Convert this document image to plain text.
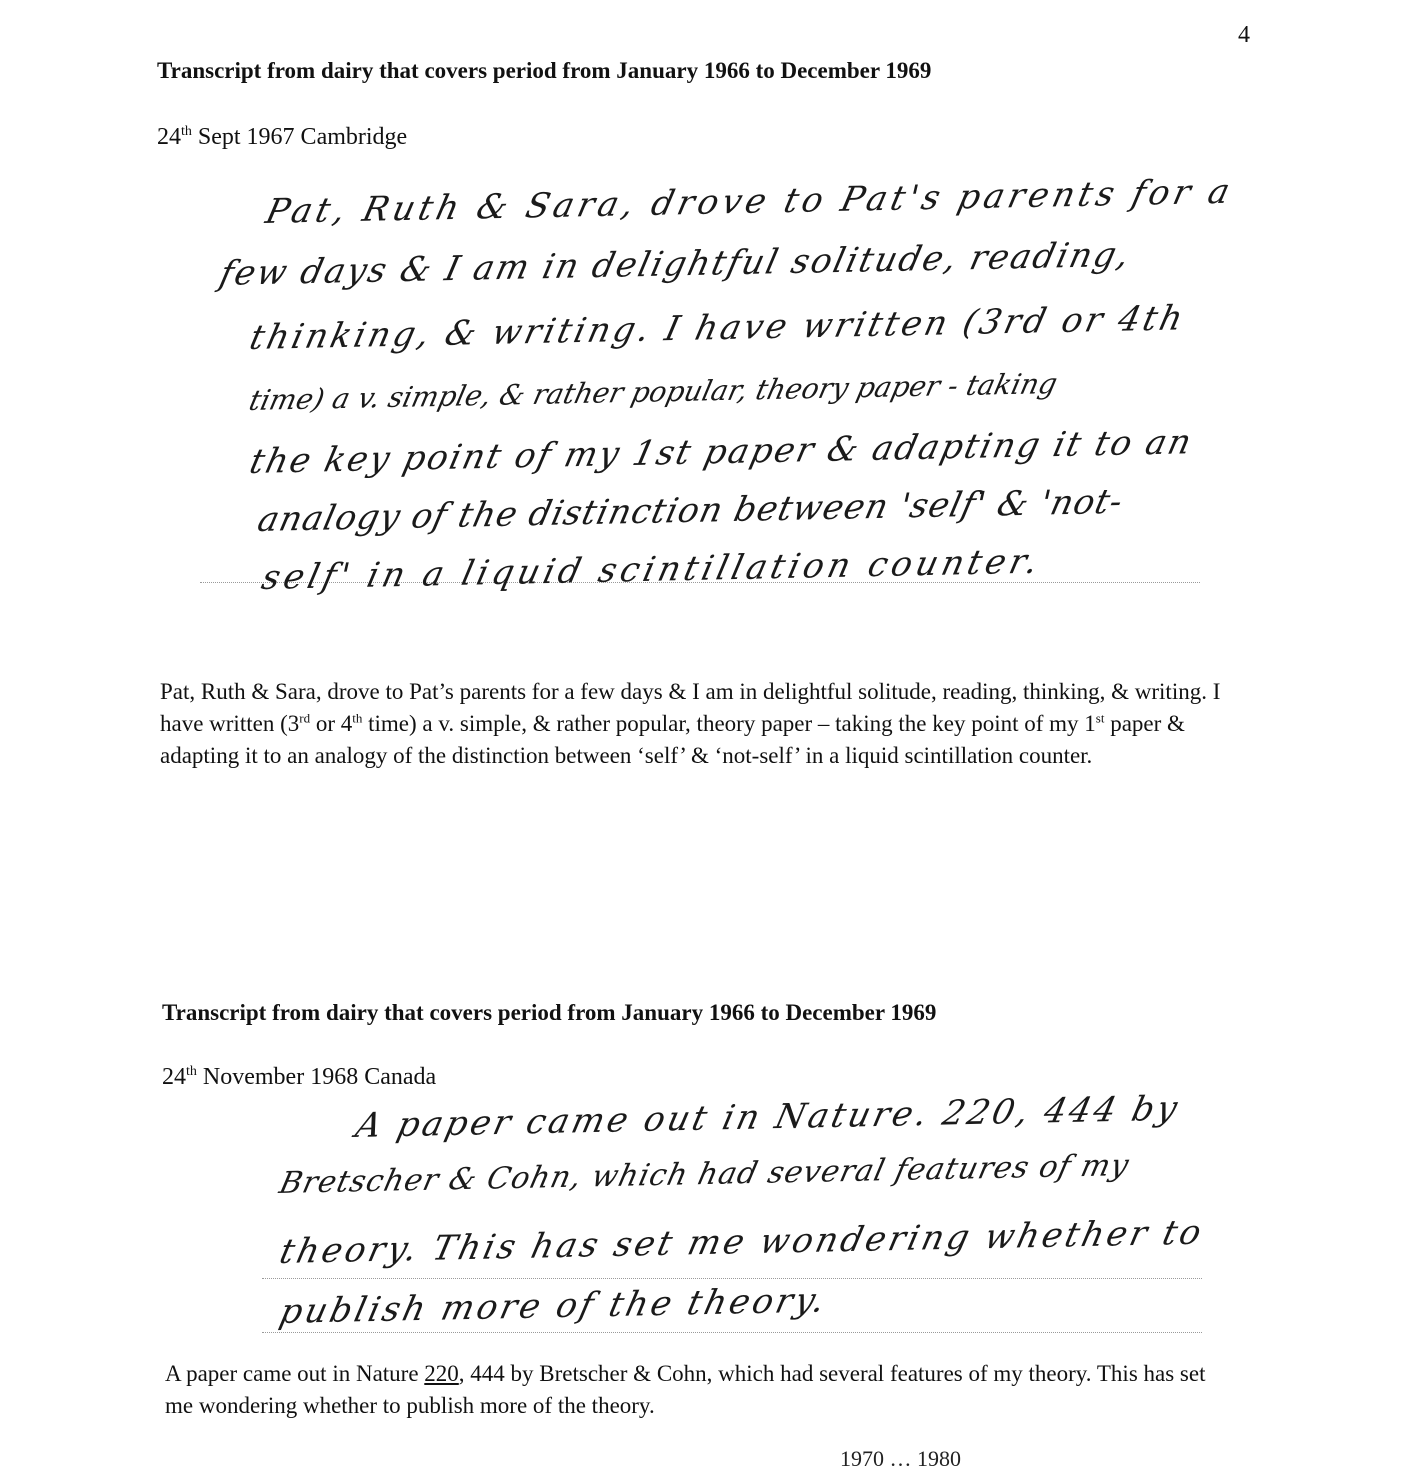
4
Transcript from dairy that covers period from January 1966 to December 1969
24th Sept 1967 Cambridge
Pat, Ruth & Sara, drove to Pat's parents for a
few days & I am in delightful solitude, reading,
thinking, & writing. I have written (3rd or 4th
time) a v. simple, & rather popular, theory paper - taking
the key point of my 1st paper & adapting it to an
analogy of the distinction between 'self' & 'not-
self' in a liquid scintillation counter.
Pat, Ruth & Sara, drove to Pat’s parents for a few days & I am in delightful solitude, reading, thinking, & writing. I have written (3rd or 4th time) a v. simple, & rather popular, theory paper – taking the key point of my 1st paper & adapting it to an analogy of the distinction between ‘self’ & ‘not-self’ in a liquid scintillation counter.
Transcript from dairy that covers period from January 1966 to December 1969
24th November 1968 Canada
A paper came out in Nature. 220, 444 by
Bretscher & Cohn, which had several features of my
theory. This has set me wondering whether to
publish more of the theory.
A paper came out in Nature 220, 444 by Bretscher & Cohn, which had several features of my theory. This has set me wondering whether to publish more of the theory.
1970 … 1980
